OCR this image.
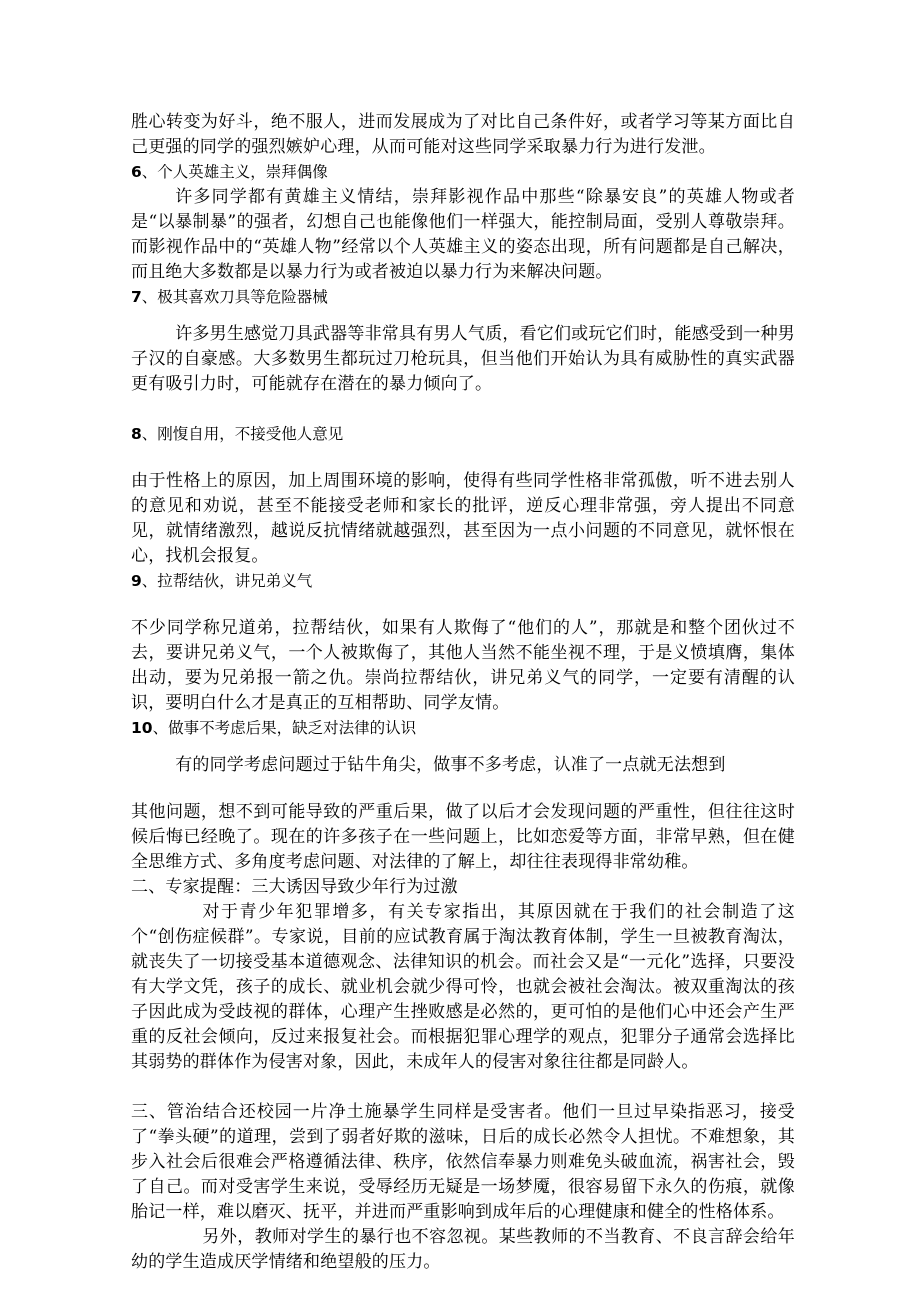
胜心转变为好斗，绝不服人，进而发展成为了对比自己条件好，或者学习等某方面比自己更强的同学的强烈嫉妒心理，从而可能对这些同学采取暴力行为进行发泄。

6、个人英雄主义，崇拜偶像

许多同学都有黄雄主义情结，崇拜影视作品中那些“除暴安良”的英雄人物或者是“以暴制暴”的强者，幻想自己也能像他们一样强大，能控制局面，受别人尊敬崇拜。而影视作品中的“英雄人物”经常以个人英雄主义的姿态出现，所有问题都是自己解决，而且绝大多数都是以暴力行为或者被迫以暴力行为来解决问题。

7、极其喜欢刀具等危险器械

许多男生感觉刀具武器等非常具有男人气质，看它们或玩它们时，能感受到一种男子汉的自豪感。大多数男生都玩过刀枪玩具，但当他们开始认为具有威胁性的真实武器更有吸引力时，可能就存在潜在的暴力倾向了。

8、刚愎自用，不接受他人意见

由于性格上的原因，加上周围环境的影响，使得有些同学性格非常孤傲，听不进去别人的意见和劝说，甚至不能接受老师和家长的批评，逆反心理非常强，旁人提出不同意见，就情绪激烈，越说反抗情绪就越强烈，甚至因为一点小问题的不同意见，就怀恨在心，找机会报复。

9、拉帮结伙，讲兄弟义气

不少同学称兄道弟，拉帮结伙，如果有人欺侮了“他们的人”，那就是和整个团伙过不去，要讲兄弟义气，一个人被欺侮了，其他人当然不能坐视不理，于是义愤填膺，集体出动，要为兄弟报一箭之仇。崇尚拉帮结伙，讲兄弟义气的同学，一定要有清醒的认识，要明白什么才是真正的互相帮助、同学友情。

10、做事不考虑后果，缺乏对法律的认识

有的同学考虑问题过于钻牛角尖，做事不多考虑，认准了一点就无法想到

其他问题，想不到可能导致的严重后果，做了以后才会发现问题的严重性，但往往这时候后悔已经晚了。现在的许多孩子在一些问题上，比如恋爱等方面，非常早熟，但在健全思维方式、多角度考虑问题、对法律的了解上，却往往表现得非常幼稚。

二、专家提醒：三大诱因导致少年行为过激

对于青少年犯罪增多，有关专家指出，其原因就在于我们的社会制造了这个“创伤症候群”。专家说，目前的应试教育属于淘汰教育体制，学生一旦被教育淘汰，就丧失了一切接受基本道德观念、法律知识的机会。而社会又是“一元化”选择，只要没有大学文凭，孩子的成长、就业机会就少得可怜，也就会被社会淘汰。被双重淘汰的孩子因此成为受歧视的群体，心理产生挫败感是必然的，更可怕的是他们心中还会产生严重的反社会倾向，反过来报复社会。而根据犯罪心理学的观点，犯罪分子通常会选择比其弱势的群体作为侵害对象，因此，未成年人的侵害对象往往都是同龄人。

三、管治结合还校园一片净土施暴学生同样是受害者。他们一旦过早染指恶习，接受了“拳头硬”的道理，尝到了弱者好欺的滋味，日后的成长必然令人担忧。不难想象，其步入社会后很难会严格遵循法律、秩序，依然信奉暴力则难免头破血流，祸害社会，毁了自己。而对受害学生来说，受辱经历无疑是一场梦魇，很容易留下永久的伤痕，就像胎记一样，难以磨灭、抚平，并进而严重影响到成年后的心理健康和健全的性格体系。

另外，教师对学生的暴行也不容忽视。某些教师的不当教育、不良言辞会给年幼的学生造成厌学情绪和绝望般的压力。
